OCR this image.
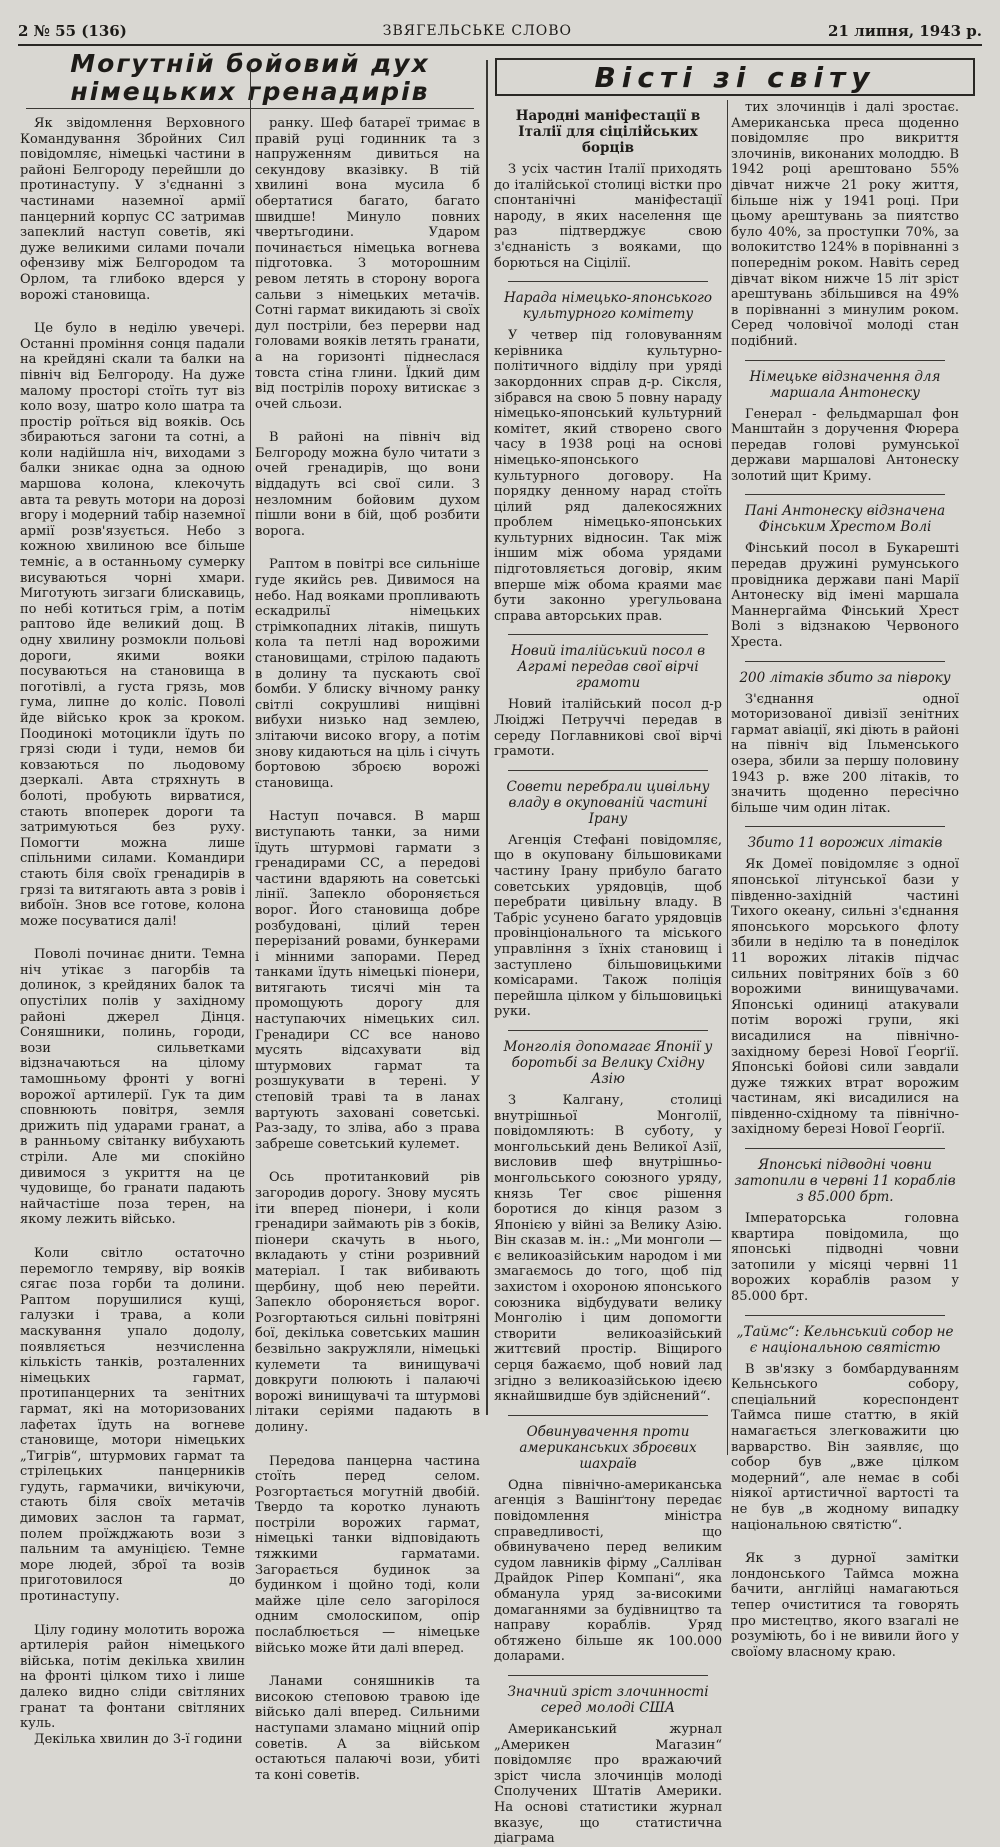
2 № 55 (136)	ЗВЯГЕЛЬСЬКЕ СЛОВО	21 липня, 1943 р.
Могутній бойовий дух
німецьких гренадирів	Вісті зі світу

Як звідомлення Верховного Командування Збройних Сил повідомляє, німецькі частини в районі Белгороду перейшли до протинаступу. У з'єднанні з частинами наземної армії панцерний корпус СС затримав запеклий наступ советів, які дуже великими силами почали офензиву між Белгородом та Орлом, та глибоко вдерся у ворожі становища.

Це було в неділю увечері. Останні проміння сонця падали на крейдяні скали та балки на північ від Белгороду. На дуже малому просторі стоїть тут віз коло возу, шатро коло шатра та простір роїться від вояків. Ось збираються загони та сотні, а коли надійшла ніч, виходами з балки зникає одна за одною маршова колона, клекочуть авта та ревуть мотори на дорозі вгору і модерний табір наземної армії розв'язується. Небо з кожною хвилиною все більше темніє, а в останньому сумерку висуваються чорні хмари. Миготують зигзаги блискавиць, по небі котиться грім, а потім раптово йде великий дощ. В одну хвилину розмокли польові дороги, якими вояки посуваються на становища в поготівлі, а густа грязь, мов гума, липне до коліс. Поволі йде військо крок за кроком. Поодинокі мотоцикли їдуть по грязі сюди і туди, немов би ковзаються по льодовому дзеркалі. Авта стряхнуть в болоті, пробують вирватися, стають впоперек дороги та затримуються без руху. Помогти можна лише спільними силами. Командири стають біля своїх гренадирів в грязі та витягають авта з ровів і вибоїн. Знов все готове, колона може посуватися далі!

Поволі починає днити. Темна ніч утікає з пагорбів та долинок, з крейдяних балок та опустілих полів у західному районі джерел Дінця. Соняшники, полинь, городи, вози сильветками відзначаються на цілому тамошньому фронті у вогні ворожої артилерії. Гук та дим сповнюють повітря, земля дрижить під ударами гранат, а в ранньому світанку вибухають стріли. Але ми спокійно дивимося з укриття на це чудовище, бо гранати падають найчастіше поза терен, на якому лежить військо.

Коли світло остаточно перемогло темряву, вір вояків сягає поза горби та долини. Раптом порушилися кущі, галузки і трава, а коли маскування упало додолу, появляється незчисленна кількість танків, розталенних німецьких гармат, протипанцерних та зенітних гармат, які на моторизованих лафетах їдуть на вогневе становище, мотори німецьких „Тигрів“, штурмових гармат та стрілецьких панцерників гудуть, гармачики, вичікуючи, стають біля своїх метачів димових заслон та гармат, полем проїжджають вози з пальним та амуніцією. Темне море людей, зброї та возів приготовилося до протинаступу.

Цілу годину молотить ворожа артилерія район німецького війська, потім декілька хвилин на фронті цілком тихо і лише далеко видно сліди світляних гранат та фонтани світляних куль.

Декілька хвилин до 3-ї години

ранку. Шеф батареї тримає в правій руці годинник та з напруженням дивиться на секундову вказівку. В тій хвилині вона мусила б обертатися багато, багато швидше! Минуло повних чвертьгодини. Ударом починається німецька вогнева підготовка. З моторошним ревом летять в сторону ворога сальви з німецьких метачів. Сотні гармат викидають зі своїх дул постріли, без перерви над головами вояків летять гранати, а на горизонті піднеслася товста стіна глини. Їдкий дим від пострілів пороху витискає з очей сльози.

В районі на північ від Белгороду можна було читати з очей гренадирів, що вони віддадуть всі свої сили. З незломним бойовим духом пішли вони в бій, щоб розбити ворога.

Раптом в повітрі все сильніше гуде якийсь рев. Дивимося на небо. Над вояками пропливають ескадрильї німецьких стрімкопадних літаків, пишуть кола та петлі над ворожими становищами, стрілою падають в долину та пускають свої бомби. У блиску вічному ранку світлі сокрушливі нищівні вибухи низько над землею, злітаючи високо вгору, а потім знову кидаються на ціль і січуть бортовою зброєю ворожі становища.

Наступ почався. В марш виступають танки, за ними їдуть штурмові гармати з гренадирами СС, а передові частини вдаряють на советські лінії. Запекло обороняється ворог. Його становища добре розбудовані, цілий терен перерізаний ровами, бункерами і мінними запорами. Перед танками їдуть німецькі піонери, витягають тисячі мін та промощують дорогу для наступаючих німецьких сил. Гренадири СС все наново мусять відсахувати від штурмових гармат та розшукувати в терені. У степовій траві та в ланах вартують заховані советські. Раз-заду, то зліва, або з права забреше советський кулемет.

Ось протитанковий рів загородив дорогу. Знову мусять іти вперед піонери, і коли гренадири займають рів з боків, піонери скачуть в нього, вкладають у стіни розривний матеріал. І так вибивають щербину, щоб нею перейти. Запекло обороняється ворог. Розгортаються сильні повітряні бої, декілька советських машин безвільно закружляли, німецькі кулемети та винищувачі довкруги полюють і палаючі ворожі винищувачі та штурмові літаки серіями падають в долину.

Передова панцерна частина стоїть перед селом. Розгортається могутній двобій. Твердо та коротко лунають постріли ворожих гармат, німецькі танки відповідають тяжкими гарматами. Загорається будинок за будинком і щойно тоді, коли майже ціле село загорілося одним смолоскипом, опір послаблюється — німецьке військо може йти далі вперед.

Ланами соняшників та високою степовою травою іде військо далі вперед. Сильними наступами зламано міцний опір советів. А за військом остаються палаючі вози, убиті та коні советів.

Народні маніфестації в Італії для сіцілійських борців

З усіх частин Італії приходять до італійської столиці вістки про спонтанічні маніфестації народу, в яких населення ще раз підтверджує свою з'єднаність з вояками, що борються на Сіцілії.

Нарада німецько-японського культурного комітету

У четвер під головуванням керівника культурно-політичного відділу при уряді закордонних справ д-р. Сіксля, зібрався на свою 5 повну нараду німецько-японський культурний комітет, який створено свого часу в 1938 році на основі німецько-японського культурного договору. На порядку денному нарад стоїть цілий ряд далекосяжних проблем німецько-японських культурних відносин. Так між іншим між обома урядами підготовляється договір, яким вперше між обома краями має бути законно урегульована справа авторських прав.

Новий італійський посол в Аграмі передав свої вірчі грамоти

Новий італійський посол д-р Люіджі Петруччі передав в середу Поглавникові свої вірчі грамоти.

Совети перебрали цивільну владу в окупованій частині Ірану

Агенція Стефані повідомляє, що в окуповану більшовиками частину Ірану прибуло багато советських урядовців, щоб перебрати цивільну владу. В Табріс усунено багато урядовців провінціонального та міського управління з їхніх становищ і заступлено більшовицькими комісарами. Також поліція перейшла цілком у більшовицькі руки.

Монголія допомагає Японії у боротьбі за Велику Східну Азію

З Калгану, столиці внутрішньої Монголії, повідомляють: В суботу, у монгольський день Великої Азії, висловив шеф внутрішньо-монгольського союзного уряду, князь Тег своє рішення боротися до кінця разом з Японією у війні за Велику Азію. Він сказав м. ін.: „Ми монголи — є великоазійським народом і ми змагаємось до того, щоб під захистом і охороною японського союзника відбудувати велику Монголію і цим допомогти створити великоазійський життєвий простір. Віщирого серця бажаємо, щоб новий лад згідно з великоазійською ідеєю якнайшвидше був здійснений“.

Обвинувачення проти американських зброєвих шахраїв

Одна північно-американська агенція з Вашінґтону передає повідомлення міністра справедливості, що обвинувачено перед великим судом лавників фірму „Салліван Драйдок Ріпер Компані“, яка обманула уряд за-високими домаганнями за будівництво та направу кораблів. Уряд обтяжено більше як 100.000 доларами.

Значний зріст злочинності серед молоді США

Американський журнал „Америкен Магазин“ повідомляє про вражаючий зріст числа злочинців молоді Сполучених Штатів Америки. На основі статистики журнал вказує, що статистична діаграма

тих злочинців і далі зростає. Американська преса щоденно повідомляє про викриття злочинів, виконаних молоддю. В 1942 році арештовано 55% дівчат нижче 21 року життя, більше ніж у 1941 році. При цьому арештувань за пиятство було 40%, за проступки 70%, за волокитство 124% в порівнанні з попереднім роком. Навіть серед дівчат віком нижче 15 літ зріст арештувань збільшився на 49% в порівнанні з минулим роком. Серед чоловічої молоді стан подібний.

Німецьке відзначення для маршала Антонеску

Генерал - фельдмаршал фон Манштайн з доручення Фюрера передав голові румунської держави маршалові Антонеску золотий щит Криму.

Пані Антонеску відзначена Фінським Хрестом Волі

Фінський посол в Букарешті передав дружині румунського провідника держави пані Марії Антонеску від імені маршала Маннергайма Фінський Хрест Волі з відзнакою Червоного Хреста.

200 літаків збито за півроку

З'єднання одної моторизованої дивізії зенітних гармат авіації, які діють в районі на північ від Ільменського озера, збили за першу половину 1943 р. вже 200 літаків, то значить щоденно пересічно більше чим один літак.

Збито 11 ворожих літаків

Як Домеї повідомляє з одної японської літунської бази у південно-західній частині Тихого океану, сильні з'єднання японського морського флоту збили в неділю та в понеділок 11 ворожих літаків підчас сильних повітряних боїв з 60 ворожими винищувачами. Японські одиниці атакували потім ворожі групи, які висадилися на північно-західному березі Нової Ґеорґії. Японські бойові сили завдали дуже тяжких втрат ворожим частинам, які висадилися на південно-східному та північно-західному березі Нової Ґеорґії.

Японські підводні човни затопили в червні 11 кораблів з 85.000 брт.

Імператорська головна квартира повідомила, що японські підводні човни затопили у місяці червні 11 ворожих кораблів разом у 85.000 брт.

„Таймс“: Кельнський собор не є національною святістю

В зв'язку з бомбардуванням Кельнського собору, спеціальний кореспондент Таймса пише статтю, в якій намагається злегковажити цю варварство. Він заявляє, що собор був „вже цілком модерний“, але немає в собі ніякої артистичної вартості та не був „в жодному випадку національною святістю“.

Як з дурної замітки лондонського Таймса можна бачити, англійці намагаються тепер очиститися та говорять про мистецтво, якого взагалі не розуміють, бо і не вивили його у своїому власному краю.
